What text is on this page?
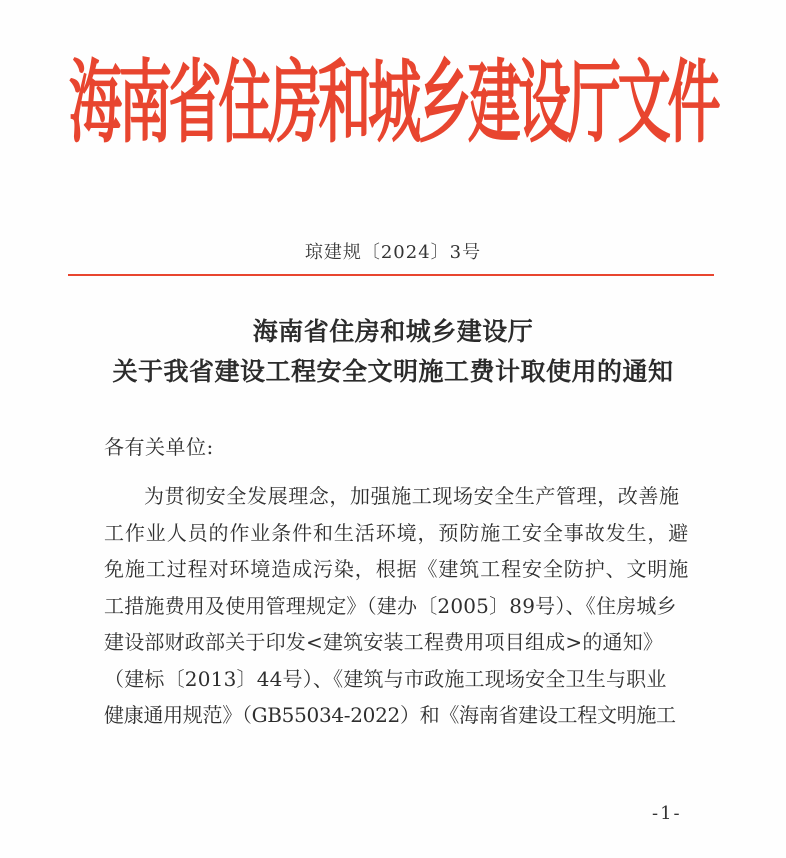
海南省住房和城乡建设厅文件
琼建规〔2024〕3号
海南省住房和城乡建设厅
关于我省建设工程安全文明施工费计取使用的通知
各有关单位:
为贯彻安全发展理念，加强施工现场安全生产管理，改善施
工作业人员的作业条件和生活环境，预防施工安全事故发生，避
免施工过程对环境造成污染，根据《建筑工程安全防护、文明施
工措施费用及使用管理规定》（建办〔2005〕89号）、《住房城乡
建设部财政部关于印发<建筑安装工程费用项目组成>的通知》
（建标〔2013〕44号）、《建筑与市政施工现场安全卫生与职业
健康通用规范》（GB55034-2022）和《海南省建设工程文明施工
-1-
